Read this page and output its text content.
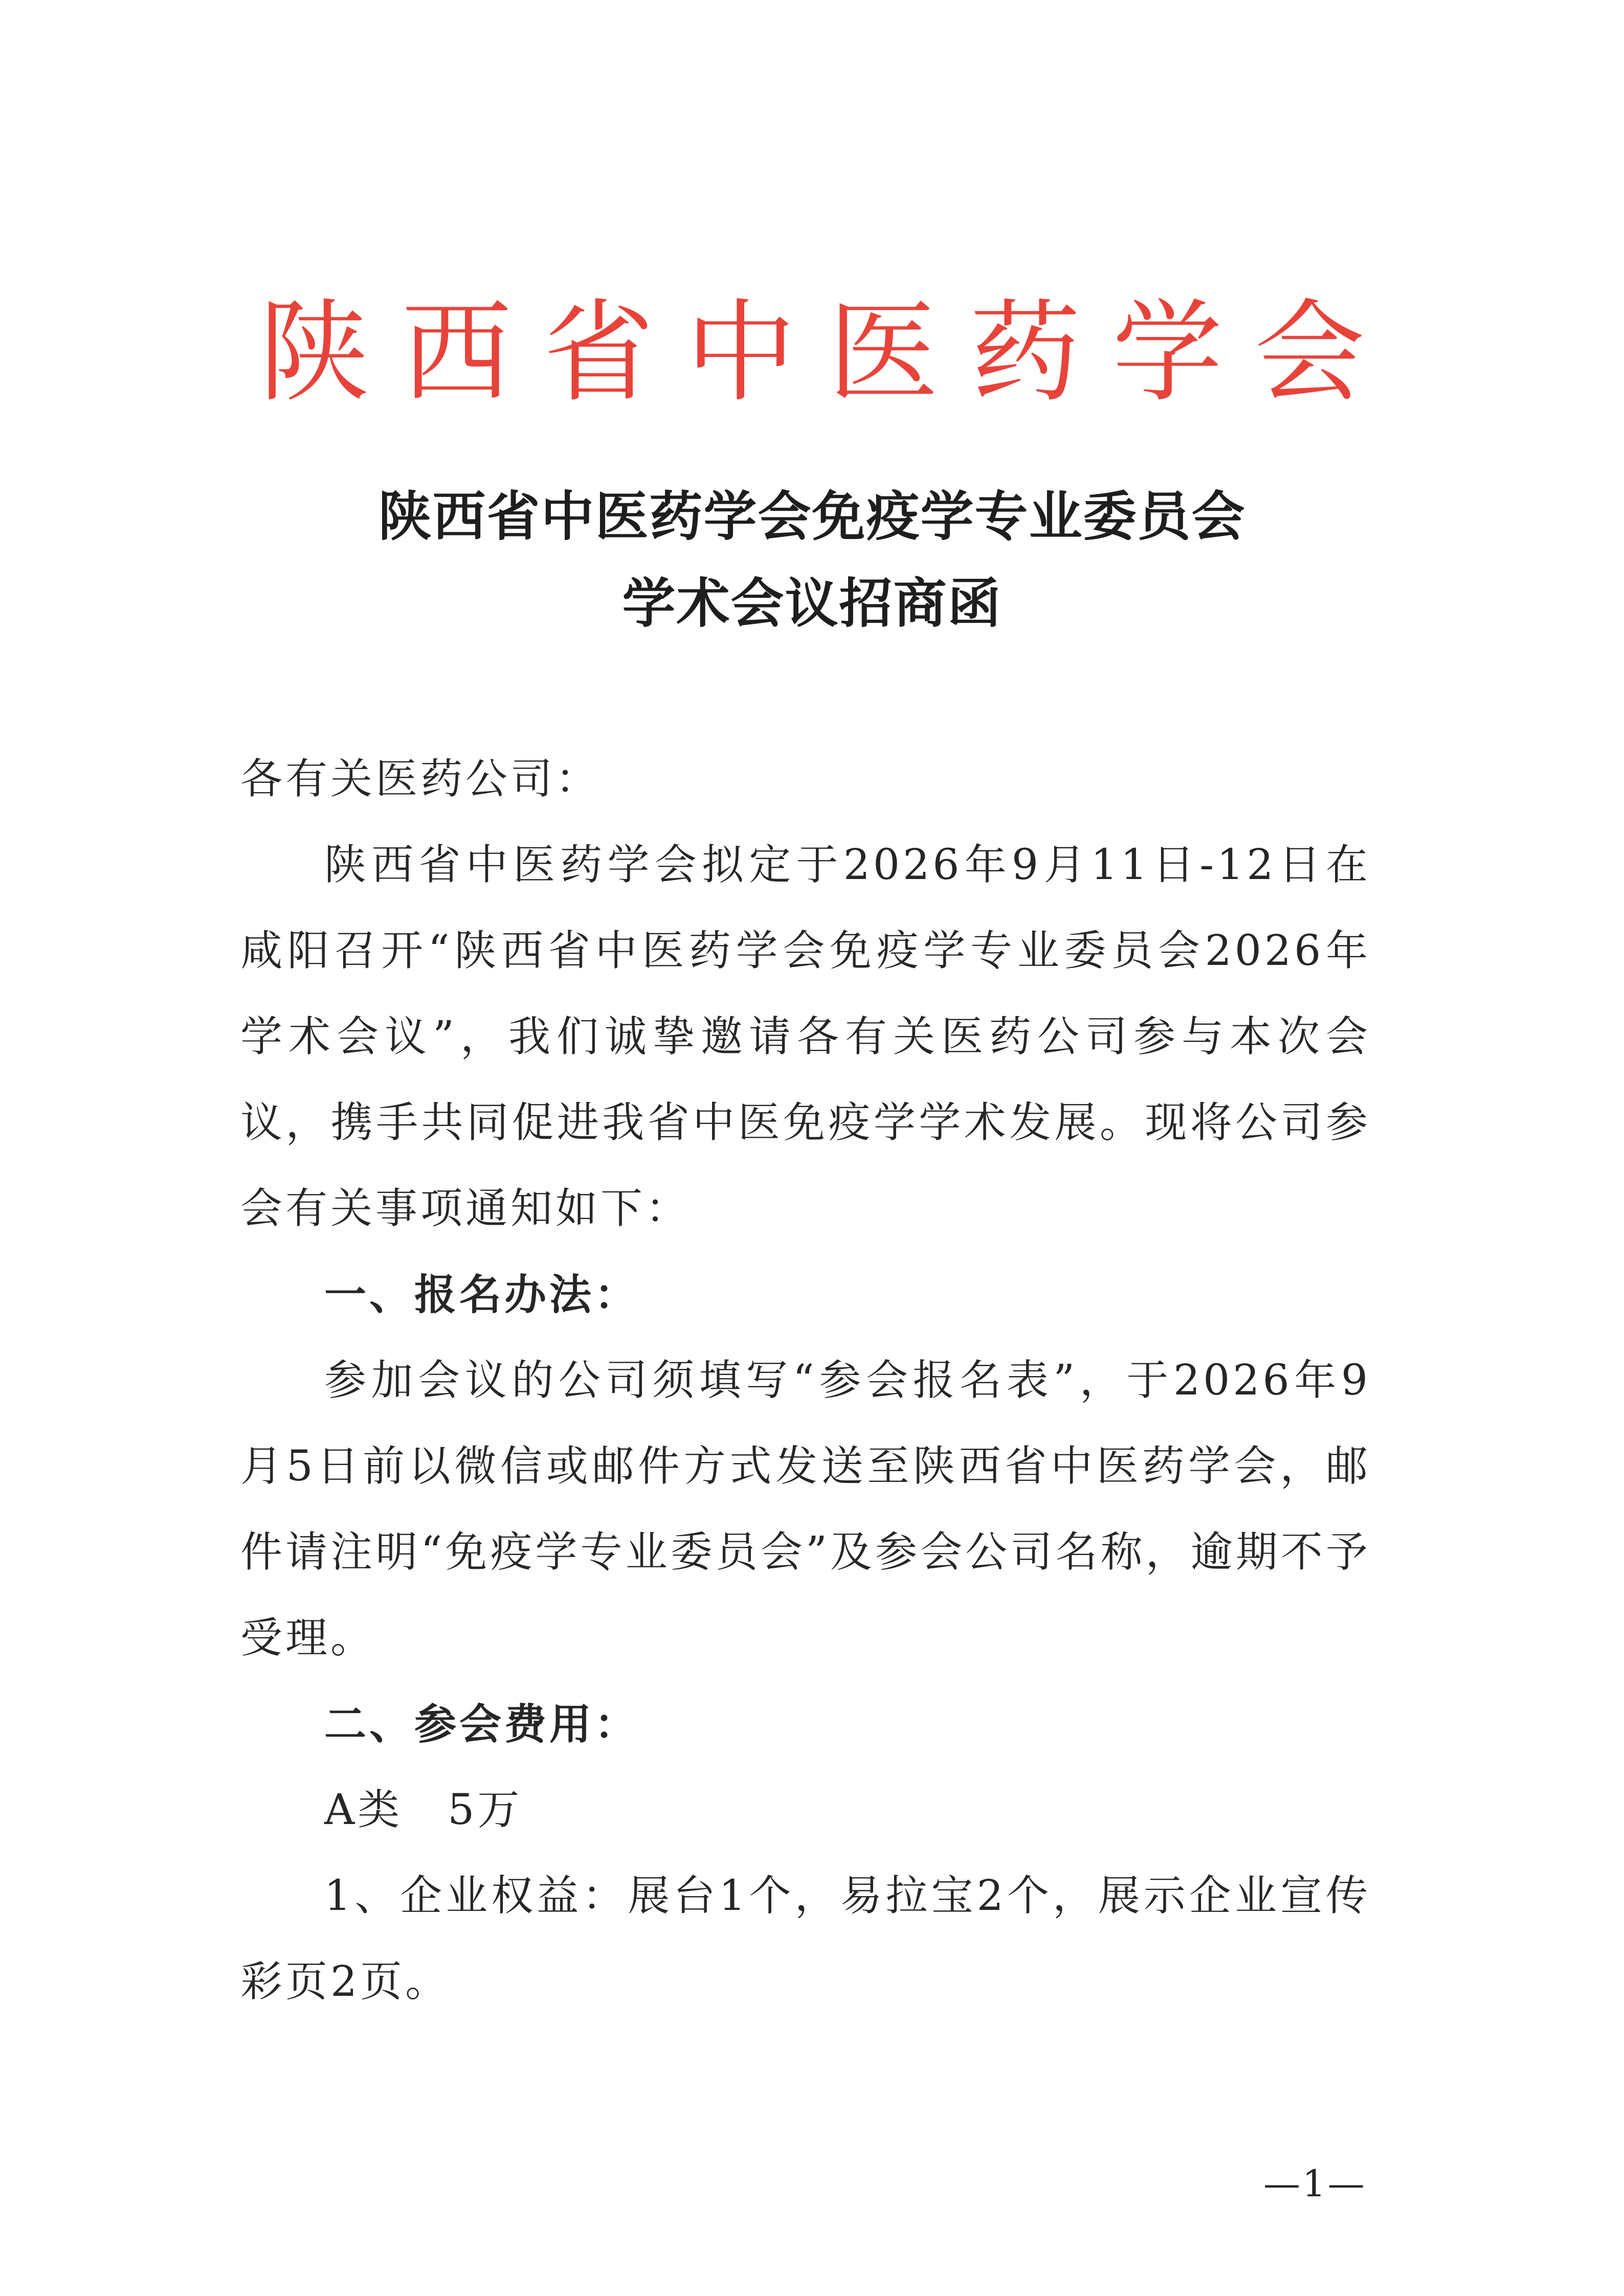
陕西省中医药学会
陕西省中医药学会免疫学专业委员会
学术会议招商函

各有关医药公司：

陕西省中医药学会拟定于2026年9月11日-12日在咸阳召开“陕西省中医药学会免疫学专业委员会2026年学术会议”，我们诚挚邀请各有关医药公司参与本次会议，携手共同促进我省中医免疫学学术发展。现将公司参会有关事项通知如下：

一、报名办法：

参加会议的公司须填写“参会报名表”，于2026年9月5日前以微信或邮件方式发送至陕西省中医药学会，邮件请注明“免疫学专业委员会”及参会公司名称，逾期不予受理。

二、参会费用：

A类　5万

1、企业权益：展台1个，易拉宝2个，展示企业宣传彩页2页。

—1—
